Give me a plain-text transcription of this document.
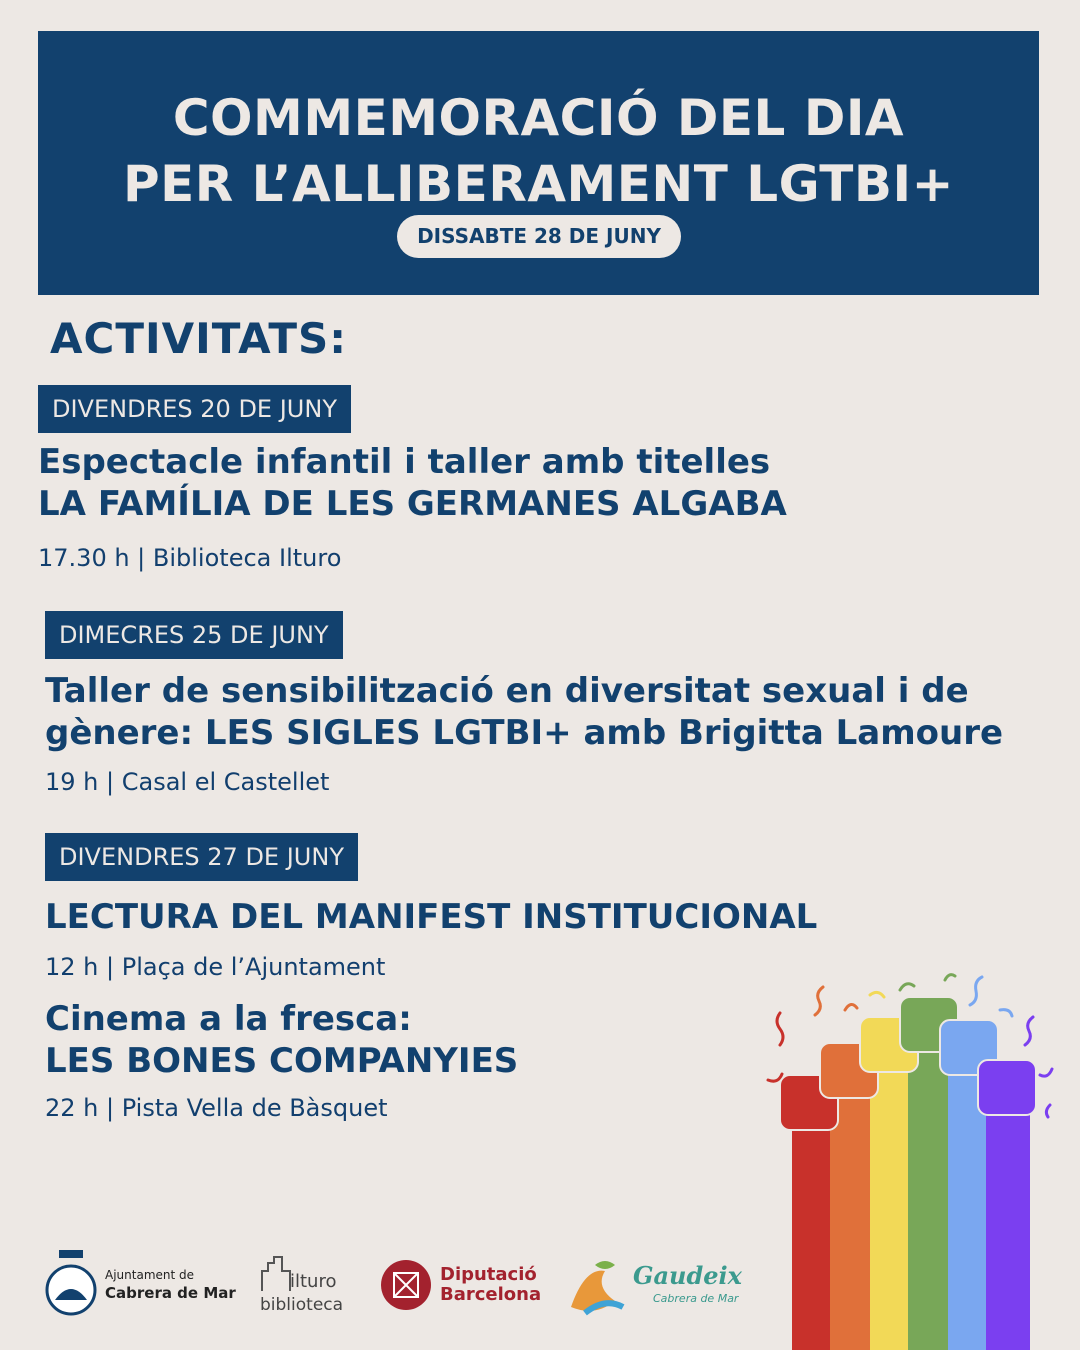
COMMEMORACIÓ DEL DIA
PER L’ALLIBERAMENT LGTBI+
DISSABTE 28 DE JUNY
ACTIVITATS:
DIVENDRES 20 DE JUNY

Espectacle infantil i taller amb titelles
LA FAMÍLIA DE LES GERMANES ALGABA

17.30 h | Biblioteca Ilturo

DIMECRES 25 DE JUNY

Taller de sensibilització en diversitat sexual i de
gènere: LES SIGLES LGTBI+ amb Brigitta Lamoure

19 h | Casal el Castellet

DIVENDRES 27 DE JUNY

LECTURA DEL MANIFEST INSTITUCIONAL

12 h | Plaça de l’Ajuntament

Cinema a la fresca:
LES BONES COMPANYIES

22 h | Pista Vella de Bàsquet

Ajuntament de
Cabrera de Mar
ilturo
biblioteca
Diputació
Barcelona
Gaudeix
Cabrera de Mar
